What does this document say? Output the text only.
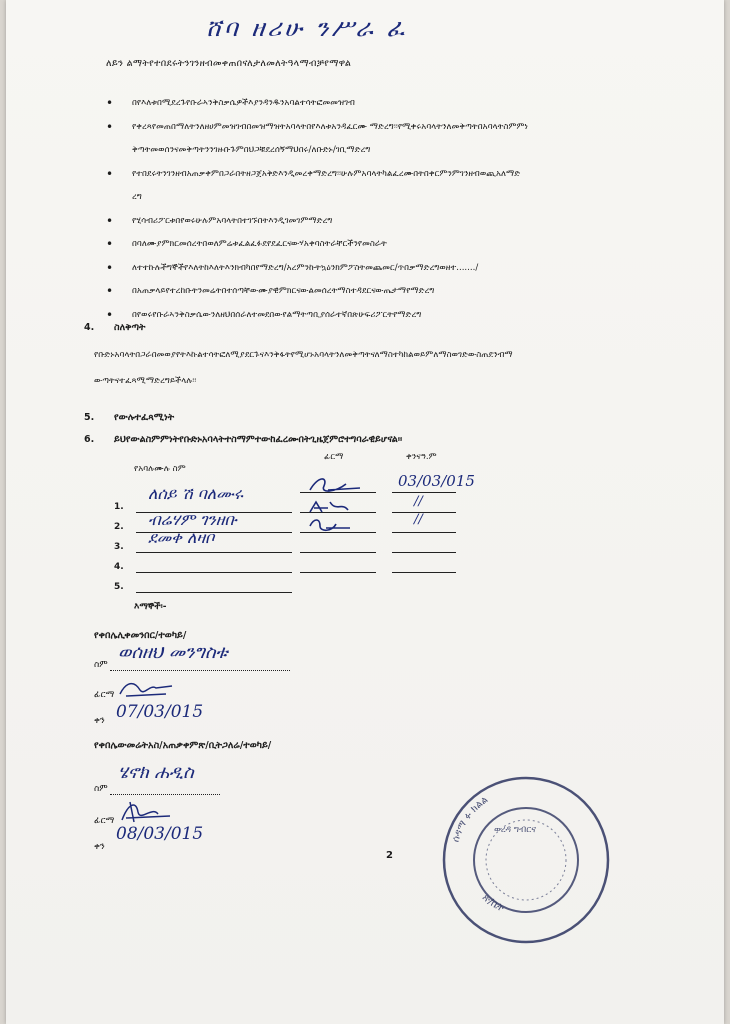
ሸባ ዘሪሁ ንሥራ ፈ
ለይን ልማትየተበደሩትንገንዘብመቀጠበናለታለመለትዓላማብቻየማዋል
• በየእለቱበሚደረጉየቡራኣንቅስቃሴዎችእያንዳንዱንአባልተሳትፎመመዝገብ
• የቀረጻየመጠበማለትንለዘሀምመዝገብበመዝማዝትአባላትበየእለቱአንዳፈርሙ ማድረግ፡፡የሚቀሩአባላትንለመቅጣትበአባላትስምምነ
ቅጣትመወሰንናመቅጣትንንገዙቡጉምበህጋቹደረሰኝማህበሩ/ለቡድኑ/ገቢማድረግ
• የተበደሩትንገንዘብአጠቃቀምበጋራበትዘጋጀአቅድእንዲመረቀማድረግ፡፡ሁሉምአባላትካልፈረሙበትበቀርምንምገንዘብወጪአለማድ
ረግ
• የሂሳብሪፖርቱበየወሩሁሉምአባላትበተገኙበትእንዲገመገምማድረግ
• በባለሙያምክርመሰረትበወለምሬቱፈልፈፉደየደፈርናውሃአቀባስትራቸርችንየመስራት
• ለተተኩሉችግኞችየእለትከእለትእንክብካበየማድረግ/አረምንኩትኳዕንክምፖስትመጨመር/ጥበቃማድረግወዘተ......./
• በአጠቃላይየተረከቡትንመሬትበተሰጣቸውሙያዊምክርናውልመሰረትማስተዳደርናውጤታማየማድረግ
• በየወሩየቡራኣንቅስቃሴውንለዘህበሰራለተመደበውየልማትጣቢያሰራተኛበጽሁፍሪፖርትየማድረግ
4. ስለቅጣት
የቡድኑአባላትበጋራበመወያየትእኩልተሳትፎለሚያደርጉናእንቅፋትየሚሆኑአባላትንለመቅጣትናለማስተካከልወይምለማስወገድውስጠደንብማ
ውጣትናተፈጻሚማድረግይችላሉ፡፡
5. የውሉተፈጻሚነት
6. ይህየውልስምምነትየቡድኑአባላትተስማምተውከፈረሙበትጊዜጀምሮተግባራዊይሆናል፡፡
የአባሉሙሉ ስም
ፊርማ	ቀንናዓ.ም
1.
2.
3.
4.
5.
ለሰይ ሽ ባለሙሩ
ብሬሃም ገንዘቡ
ደመቀ ለዛቦ
03/03/015
//
//
እማኞች፡-
የቀበሌሊቀመንበር/ተወካይ/
ስም
ወሰዘህ መንግስቱ
ፊርማ
ቀን 07/03/015
የቀበሌውመሬትአስ/አጠቃቀምጽ/ቢትጋለሬ/ተወካይ/
ስም
ሄኖክ ሐዲስ
ፊርማ
ቀን
08/03/015
2
ሰዳማ ፉ ክልል
ጽ/ቤት
ወረዳ ግብርና
